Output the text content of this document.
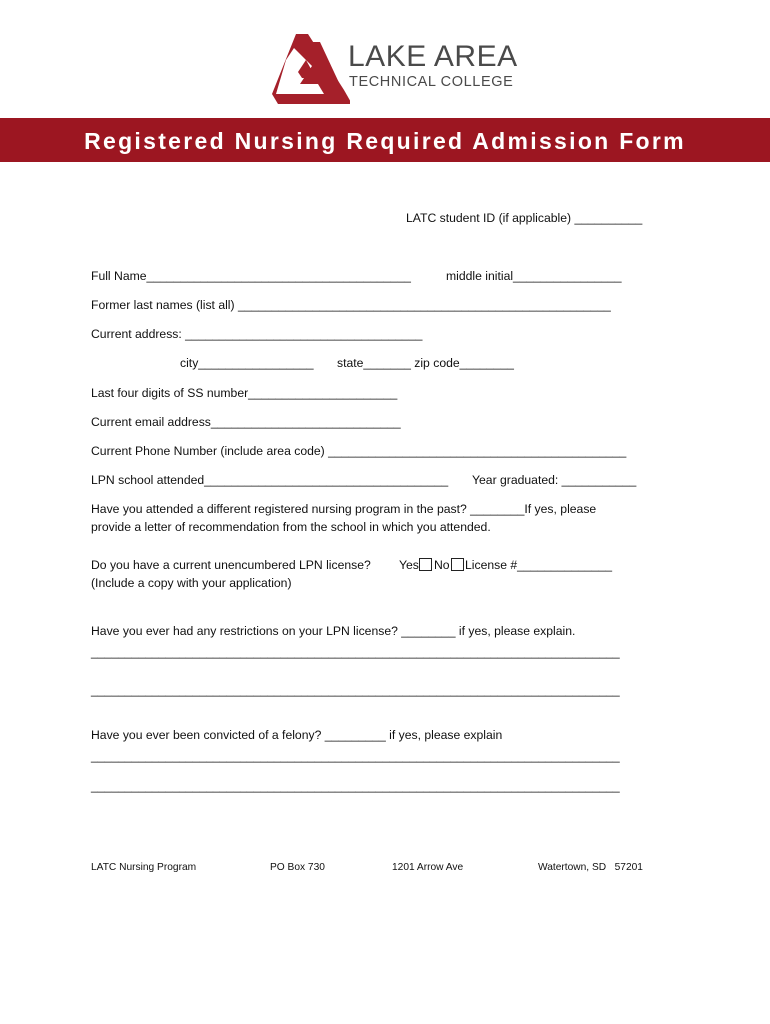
LAKE AREA
TECHNICAL COLLEGE
Registered Nursing Required Admission Form
LATC student ID (if applicable) __________
Full Name_______________________________________	middle initial________________
Former last names (list all) _______________________________________________________
Current address: ___________________________________
city_________________ state_______ zip code________
Last four digits of SS number______________________
Current email address____________________________
Current Phone Number (include area code) ____________________________________________
LPN school attended____________________________________ Year graduated: ___________
Have you attended a different registered nursing program in the past? ________If yes, please
provide a letter of recommendation from the school in which you attended.
Do you have a current unencumbered LPN license? Yes No License #______________
(Include a copy with your application)
Have you ever had any restrictions on your LPN license? ________ if yes, please explain.
______________________________________________________________________________
______________________________________________________________________________
Have you ever been convicted of a felony? _________ if yes, please explain
______________________________________________________________________________
______________________________________________________________________________
LATC Nursing Program	PO Box 730	1201 Arrow Ave	Watertown, SD   57201
